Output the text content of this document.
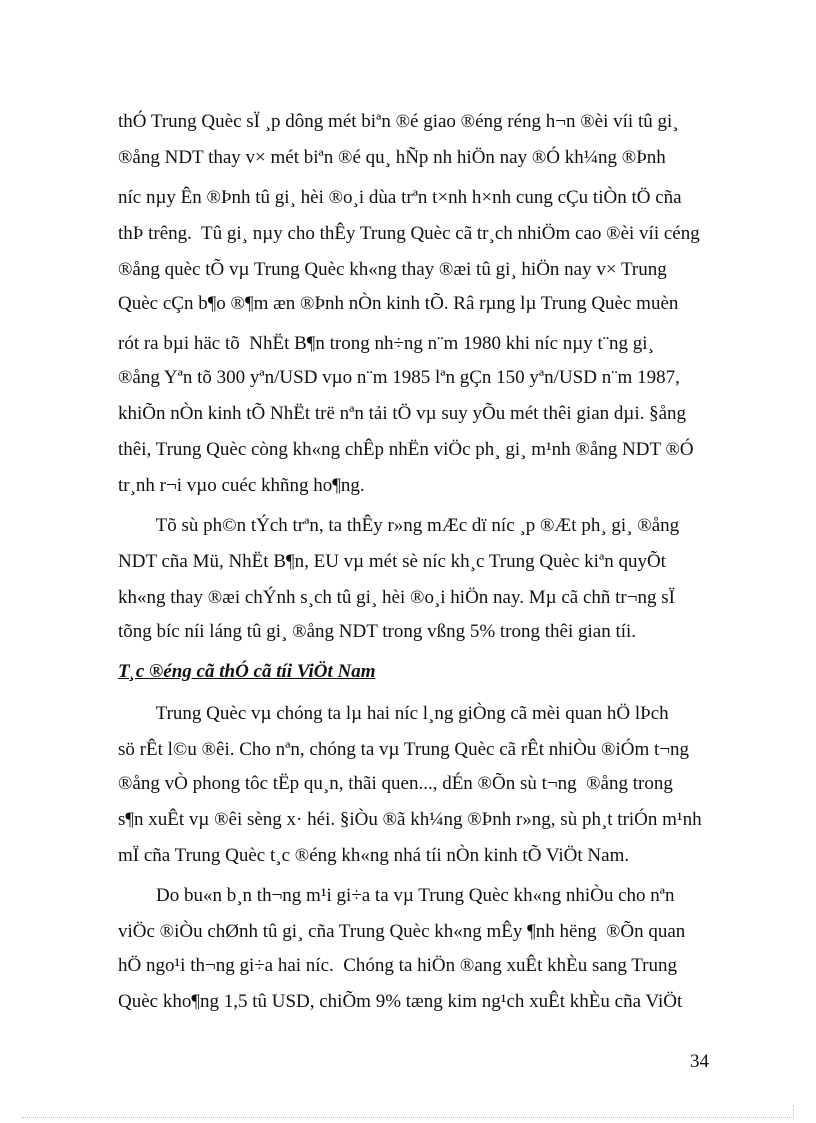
thÓ Trung Quèc sÏ ¸p dông mét biªn ®é giao ®éng réng h¬n ®èi víi tû gi¸

®ång NDT thay v× mét biªn ®é qu¸ hÑp nh hiÖn nay ®Ó kh¼ng ®Þnh

níc nµy Ên ®Þnh tû gi¸ hèi ®o¸i dùa trªn t×nh h×nh cung cÇu tiÒn tÖ cña

thÞ trêng.  Tû gi¸ nµy cho thÊy Trung Quèc cã tr¸ch nhiÖm cao ®èi víi céng

®ång quèc tÕ vµ Trung Quèc kh«ng thay ®æi tû gi¸ hiÖn nay v× Trung

Quèc cÇn b¶o ®¶m æn ®Þnh nÒn kinh tÕ. Râ rµng lµ Trung Quèc muèn

rót ra bµi häc tõ  NhËt B¶n trong nh÷ng n¨m 1980 khi níc nµy t¨ng gi¸

®ång Yªn tõ 300 yªn/USD vµo n¨m 1985 lªn gÇn 150 yªn/USD n¨m 1987,

khiÕn nÒn kinh tÕ NhËt trë nªn tải tÖ vµ suy yÕu mét thêi gian dµi. §ång

thêi, Trung Quèc còng kh«ng chÊp nhËn viÖc ph¸ gi¸ m¹nh ®ång NDT ®Ó

tr¸nh r¬i vµo cuéc khñng ho¶ng.

Tõ sù ph©n tÝch trªn, ta thÊy r»ng mÆc dï níc ¸p ®Æt ph¸ gi¸ ®ång

NDT cña Mü, NhËt B¶n, EU vµ mét sè níc kh¸c Trung Quèc kiªn quyÕt

kh«ng thay ®æi chÝnh s¸ch tû gi¸ hèi ®o¸i hiÖn nay. Mµ cã chñ tr¬ng sÏ

tõng bíc níi láng tû gi¸ ®ång NDT trong vßng 5% trong thêi gian tíi.

T¸c ®éng cã thÓ cã tíi ViÖt Nam

Trung Quèc vµ chóng ta lµ hai níc l¸ng giÒng cã mèi quan hÖ lÞch

sö rÊt l©u ®êi. Cho nªn, chóng ta vµ Trung Quèc cã rÊt nhiÒu ®iÓm t¬ng

®ång vÒ phong tôc tËp qu¸n, thãi quen..., dÉn ®Õn sù t¬ng  ®ång trong

s¶n xuÊt vµ ®êi sèng x· héi. §iÒu ®ã kh¼ng ®Þnh r»ng, sù ph¸t triÓn m¹nh

mÏ cña Trung Quèc t¸c ®éng kh«ng nhá tíi nÒn kinh tÕ ViÖt Nam.

Do bu«n b¸n th¬ng m¹i gi÷a ta vµ Trung Quèc kh«ng nhiÒu cho nªn

viÖc ®iÒu chØnh tû gi¸ cña Trung Quèc kh«ng mÊy ¶nh hëng  ®Õn quan

hÖ ngo¹i th¬ng gi÷a hai níc.  Chóng ta hiÖn ®ang xuÊt khÈu sang Trung

Quèc kho¶ng 1,5 tû USD, chiÕm 9% tæng kim ng¹ch xuÊt khÈu cña ViÖt

34
